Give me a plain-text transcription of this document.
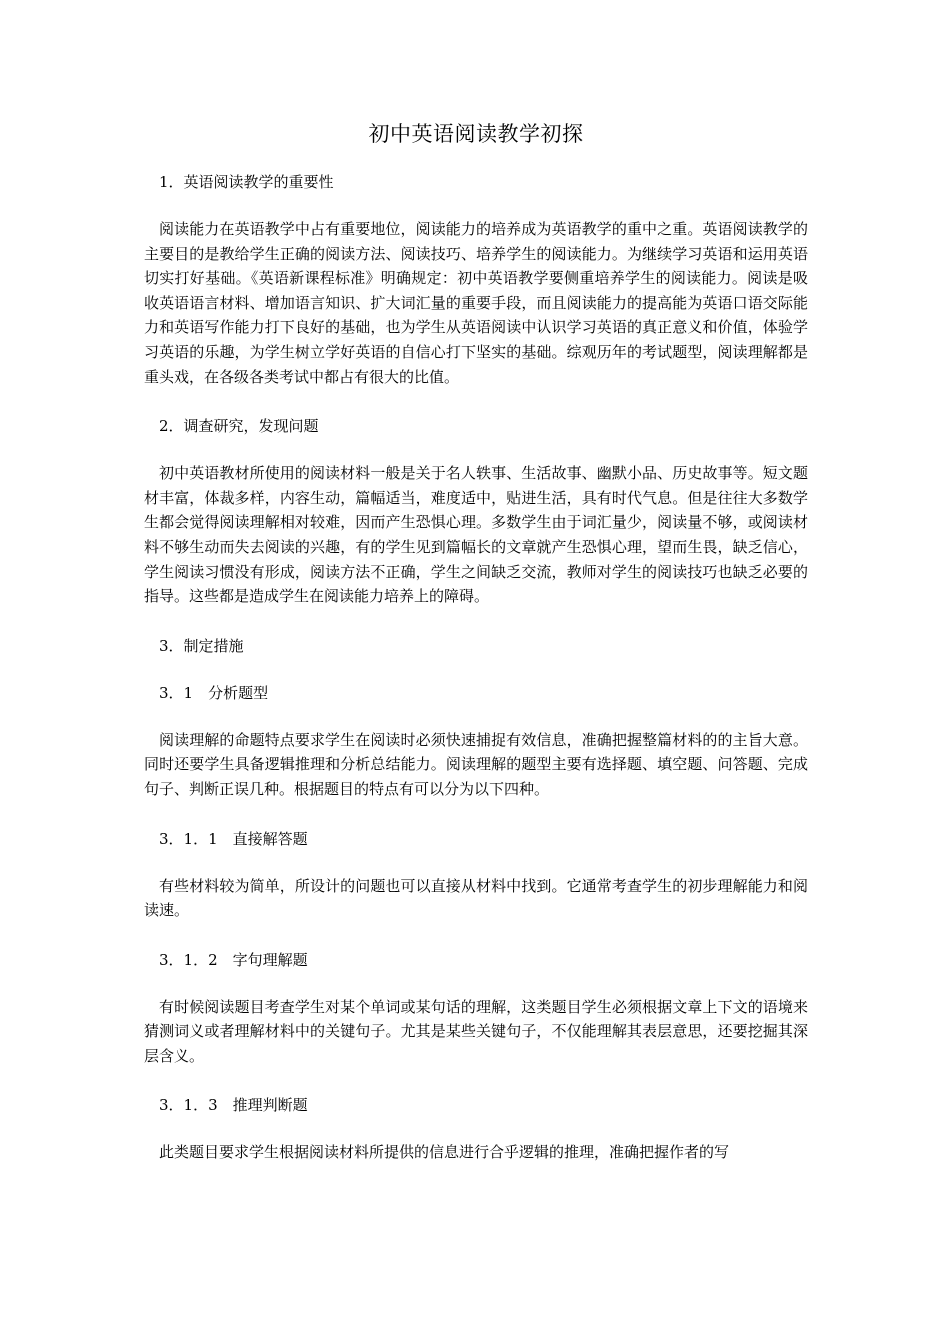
初中英语阅读教学初探
1．英语阅读教学的重要性
阅读能力在英语教学中占有重要地位，阅读能力的培养成为英语教学的重中之重。英语阅读教学的主要目的是教给学生正确的阅读方法、阅读技巧、培养学生的阅读能力。为继续学习英语和运用英语切实打好基础。《英语新课程标准》明确规定：初中英语教学要侧重培养学生的阅读能力。阅读是吸收英语语言材料、增加语言知识、扩大词汇量的重要手段，而且阅读能力的提高能为英语口语交际能力和英语写作能力打下良好的基础，也为学生从英语阅读中认识学习英语的真正意义和价值，体验学习英语的乐趣，为学生树立学好英语的自信心打下坚实的基础。综观历年的考试题型，阅读理解都是重头戏，在各级各类考试中都占有很大的比值。
2．调查研究，发现问题
初中英语教材所使用的阅读材料一般是关于名人轶事、生活故事、幽默小品、历史故事等。短文题材丰富，体裁多样，内容生动，篇幅适当，难度适中，贴进生活，具有时代气息。但是往往大多数学生都会觉得阅读理解相对较难，因而产生恐惧心理。多数学生由于词汇量少，阅读量不够，或阅读材料不够生动而失去阅读的兴趣，有的学生见到篇幅长的文章就产生恐惧心理，望而生畏，缺乏信心，学生阅读习惯没有形成，阅读方法不正确，学生之间缺乏交流，教师对学生的阅读技巧也缺乏必要的指导。这些都是造成学生在阅读能力培养上的障碍。
3．制定措施
3．1　分析题型
阅读理解的命题特点要求学生在阅读时必须快速捕捉有效信息，准确把握整篇材料的的主旨大意。同时还要学生具备逻辑推理和分析总结能力。阅读理解的题型主要有选择题、填空题、问答题、完成句子、判断正误几种。根据题目的特点有可以分为以下四种。
3．1．1　直接解答题
有些材料较为简单，所设计的问题也可以直接从材料中找到。它通常考查学生的初步理解能力和阅读速。
3．1．2　字句理解题
有时候阅读题目考查学生对某个单词或某句话的理解，这类题目学生必须根据文章上下文的语境来猜测词义或者理解材料中的关键句子。尤其是某些关键句子，不仅能理解其表层意思，还要挖掘其深层含义。
3．1．3　推理判断题
此类题目要求学生根据阅读材料所提供的信息进行合乎逻辑的推理，准确把握作者的写
